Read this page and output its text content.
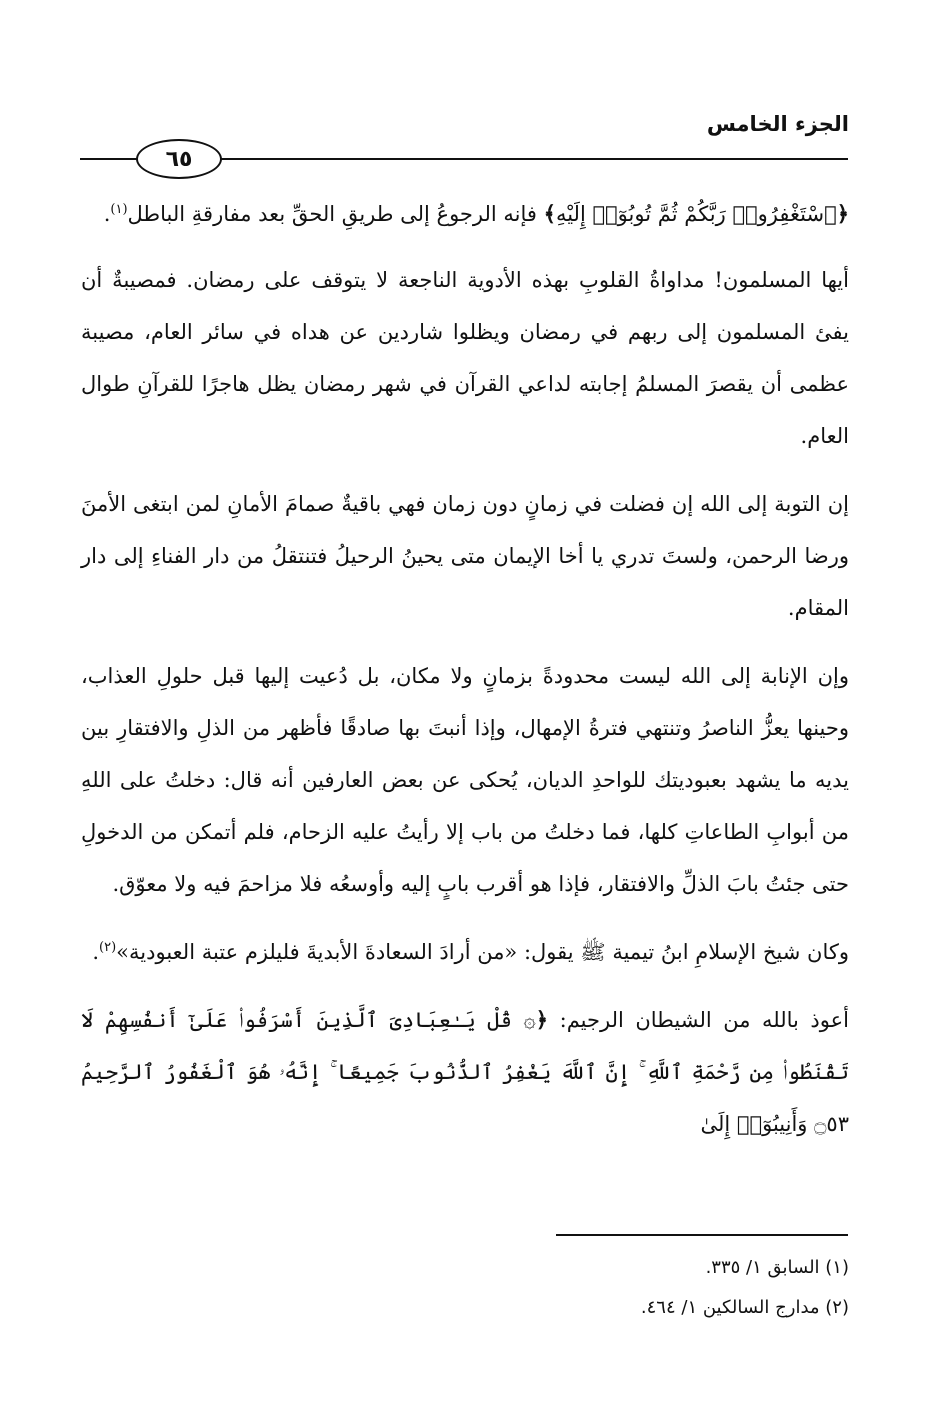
الجزء الخامس
٦٥

﴿ٱسْتَغْفِرُوا۟ رَبَّكُمْ ثُمَّ تُوبُوٓا۟ إِلَيْهِ﴾ فإنه الرجوعُ إلى طريقِ الحقِّ بعد مفارقةِ الباطل$^{(١)}$.

أيها المسلمون! مداواةُ القلوبِ بهذه الأدوية الناجعة لا يتوقف على رمضان. فمصيبةٌ أن يفئ المسلمون إلى ربهم في رمضان ويظلوا شاردين عن هداه في سائر العام، مصيبة عظمى أن يقصرَ المسلمُ إجابته لداعي القرآن في شهر رمضان يظل هاجرًا للقرآنِ طوال العام.

إن التوبة إلى الله إن فضلت في زمانٍ دون زمان فهي باقيةٌ صمامَ الأمانِ لمن ابتغى الأمنَ ورضا الرحمن، ولستَ تدري يا أخا الإيمان متى يحينُ الرحيلُ فتنتقلُ من دار الفناءِ إلى دار المقام.

وإن الإنابة إلى الله ليست محدودةً بزمانٍ ولا مكان، بل دُعيت إليها قبل حلولِ العذاب، وحينها يعزُّ الناصرُ وتنتهي فترةُ الإمهال، وإذا أنبتَ بها صادقًا فأظهر من الذلِ والافتقارِ بين يديه ما يشهد بعبوديتك للواحدِ الديان، يُحكى عن بعض العارفين أنه قال: دخلتُ على اللهِ من أبوابِ الطاعاتِ كلها، فما دخلتُ من باب إلا رأيتُ عليه الزحام، فلم أتمكن من الدخولِ حتى جئتُ بابَ الذلِّ والافتقار، فإذا هو أقرب بابٍ إليه وأوسعُه فلا مزاحمَ فيه ولا معوّق.

وكان شيخ الإسلامِ ابنُ تيمية ﷺ يقول: «من أرادَ السعادةَ الأبديةَ فليلزم عتبة العبودية»$^{(٢)}$.

أعوذ بالله من الشيطان الرجيم: ﴿۞ قُلْ يَـٰعِبَادِىَ ٱلَّذِينَ أَسْرَفُوا۟ عَلَىٰٓ أَنفُسِهِمْ لَا تَقْنَطُوا۟ مِن رَّحْمَةِ ٱللَّهِ ۚ إِنَّ ٱللَّهَ يَغْفِرُ ٱلذُّنُوبَ جَمِيعًا ۚ إِنَّهُۥ هُوَ ٱلْغَفُورُ ٱلرَّحِيمُ ۝٥٣ وَأَنِيبُوٓا۟ إِلَىٰ

(١) السابق ١/ ٣٣٥.
(٢) مدارج السالكين ١/ ٤٦٤.
